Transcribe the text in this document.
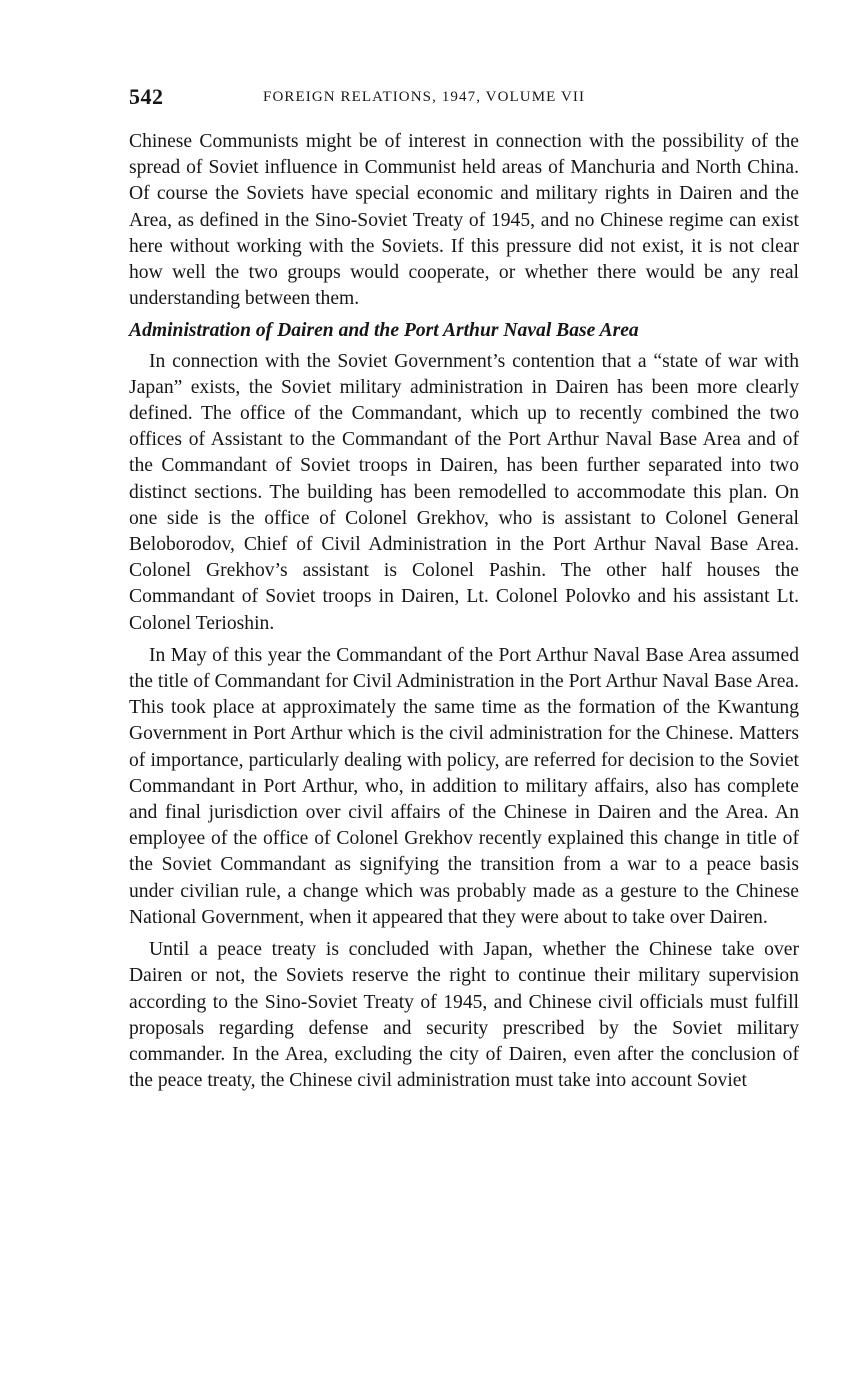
542	FOREIGN RELATIONS, 1947, VOLUME VII

Chinese Communists might be of interest in connection with the possibility of the spread of Soviet influence in Communist held areas of Manchuria and North China. Of course the Soviets have special economic and military rights in Dairen and the Area, as defined in the Sino-Soviet Treaty of 1945, and no Chinese regime can exist here without working with the Soviets. If this pressure did not exist, it is not clear how well the two groups would cooperate, or whether there would be any real understanding between them.

Administration of Dairen and the Port Arthur Naval Base Area

In connection with the Soviet Government’s contention that a “state of war with Japan” exists, the Soviet military administration in Dairen has been more clearly defined. The office of the Commandant, which up to recently combined the two offices of Assistant to the Commandant of the Port Arthur Naval Base Area and of the Commandant of Soviet troops in Dairen, has been further separated into two distinct sections. The building has been remodelled to accommodate this plan. On one side is the office of Colonel Grekhov, who is assistant to Colonel General Beloborodov, Chief of Civil Administration in the Port Arthur Naval Base Area. Colonel Grekhov’s assistant is Colonel Pashin. The other half houses the Commandant of Soviet troops in Dairen, Lt. Colonel Polovko and his assistant Lt. Colonel Terioshin.

In May of this year the Commandant of the Port Arthur Naval Base Area assumed the title of Commandant for Civil Administration in the Port Arthur Naval Base Area. This took place at approximately the same time as the formation of the Kwantung Government in Port Arthur which is the civil administration for the Chinese. Matters of importance, particularly dealing with policy, are referred for decision to the Soviet Commandant in Port Arthur, who, in addition to military affairs, also has complete and final jurisdiction over civil affairs of the Chinese in Dairen and the Area. An employee of the office of Colonel Grekhov recently explained this change in title of the Soviet Commandant as signifying the transition from a war to a peace basis under civilian rule, a change which was probably made as a gesture to the Chinese National Government, when it appeared that they were about to take over Dairen.

Until a peace treaty is concluded with Japan, whether the Chinese take over Dairen or not, the Soviets reserve the right to continue their military supervision according to the Sino-Soviet Treaty of 1945, and Chinese civil officials must fulfill proposals regarding defense and security prescribed by the Soviet military commander. In the Area, excluding the city of Dairen, even after the conclusion of the peace treaty, the Chinese civil administration must take into account Soviet
